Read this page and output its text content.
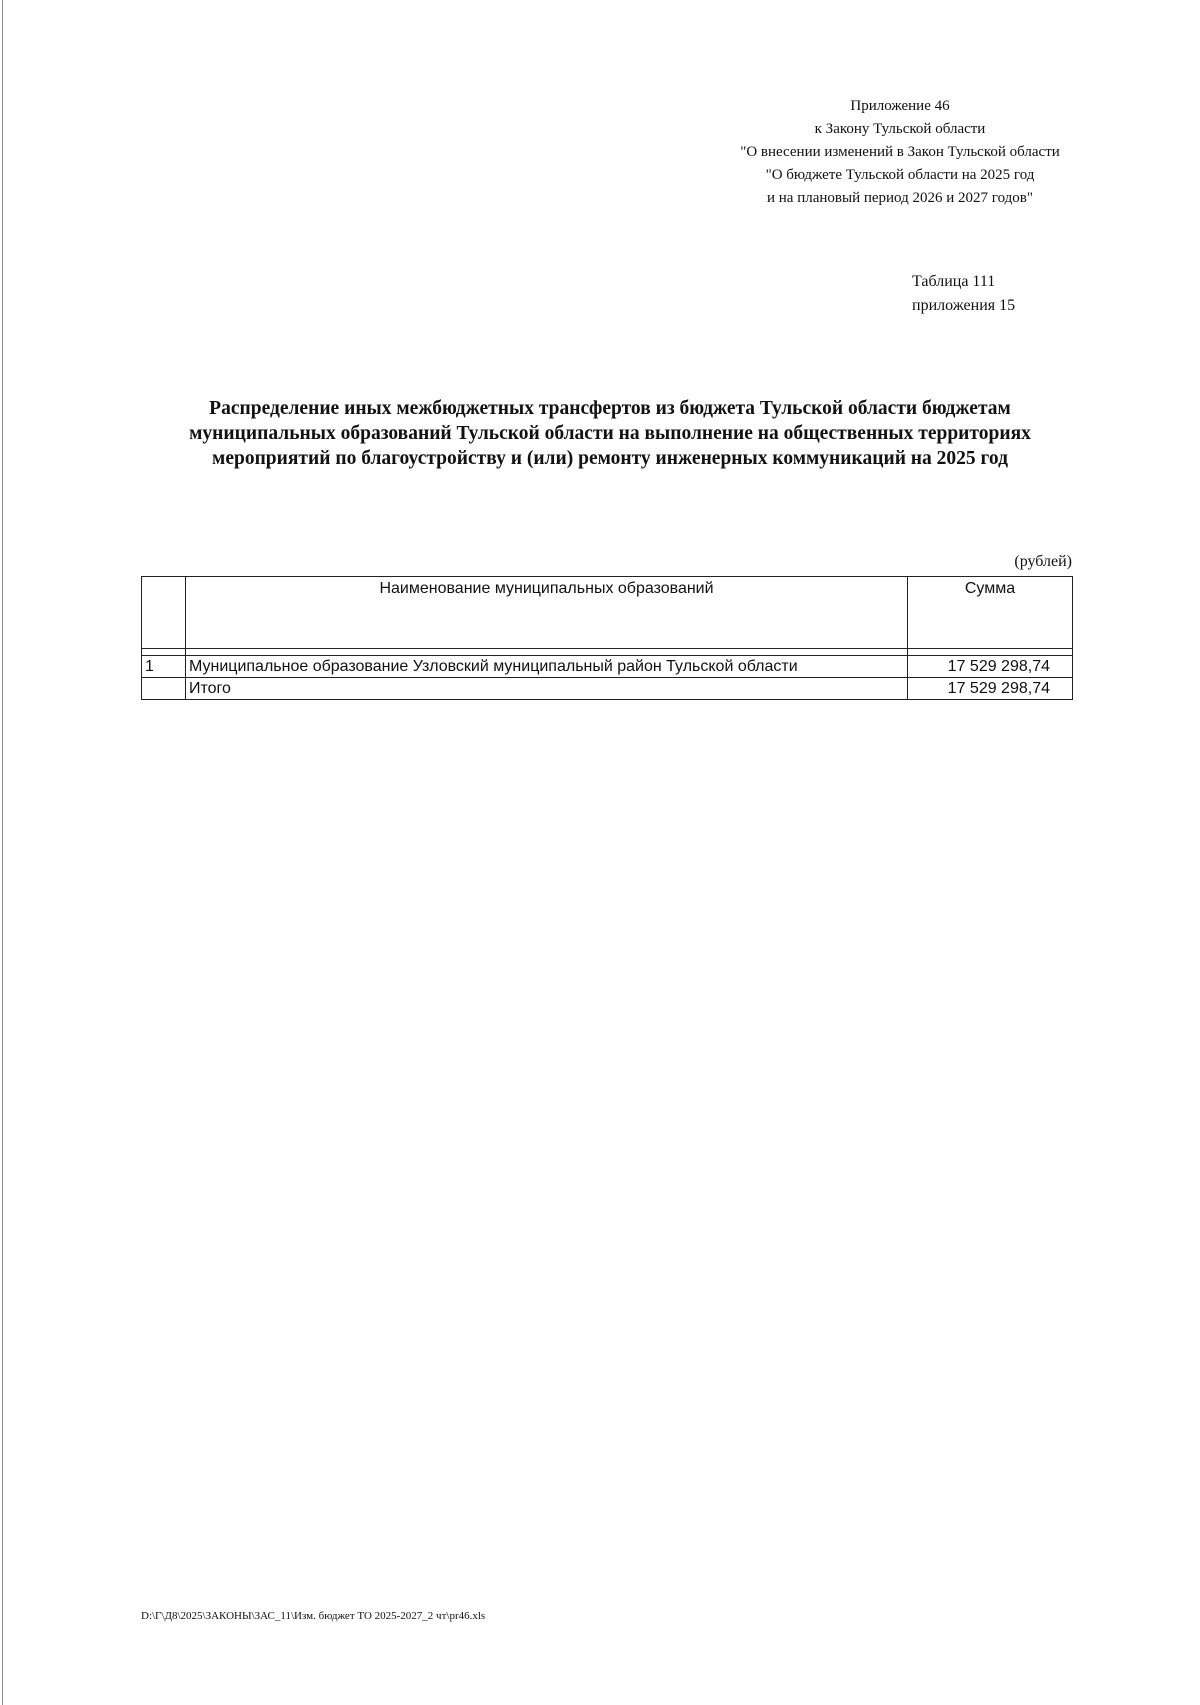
Приложение 46
к Закону Тульской области
"О внесении изменений в Закон Тульской области
"О бюджете Тульской области на 2025 год
и на плановый период 2026 и 2027 годов"
Таблица 111
приложения 15
Распределение иных межбюджетных трансфертов из бюджета Тульской области бюджетам
муниципальных образований Тульской области на выполнение на общественных территориях
мероприятий по благоустройству и (или) ремонту инженерных коммуникаций на 2025 год
(рублей)
	Наименование муниципальных образований	Сумма

1	Муниципальное образование Узловский муниципальный район Тульской области	17 529 298,74
	Итого	17 529 298,74
D:\Г\Д8\2025\ЗАКОНЫ\ЗАС_11\Изм. бюджет ТО 2025-2027_2 чт\pr46.xls
